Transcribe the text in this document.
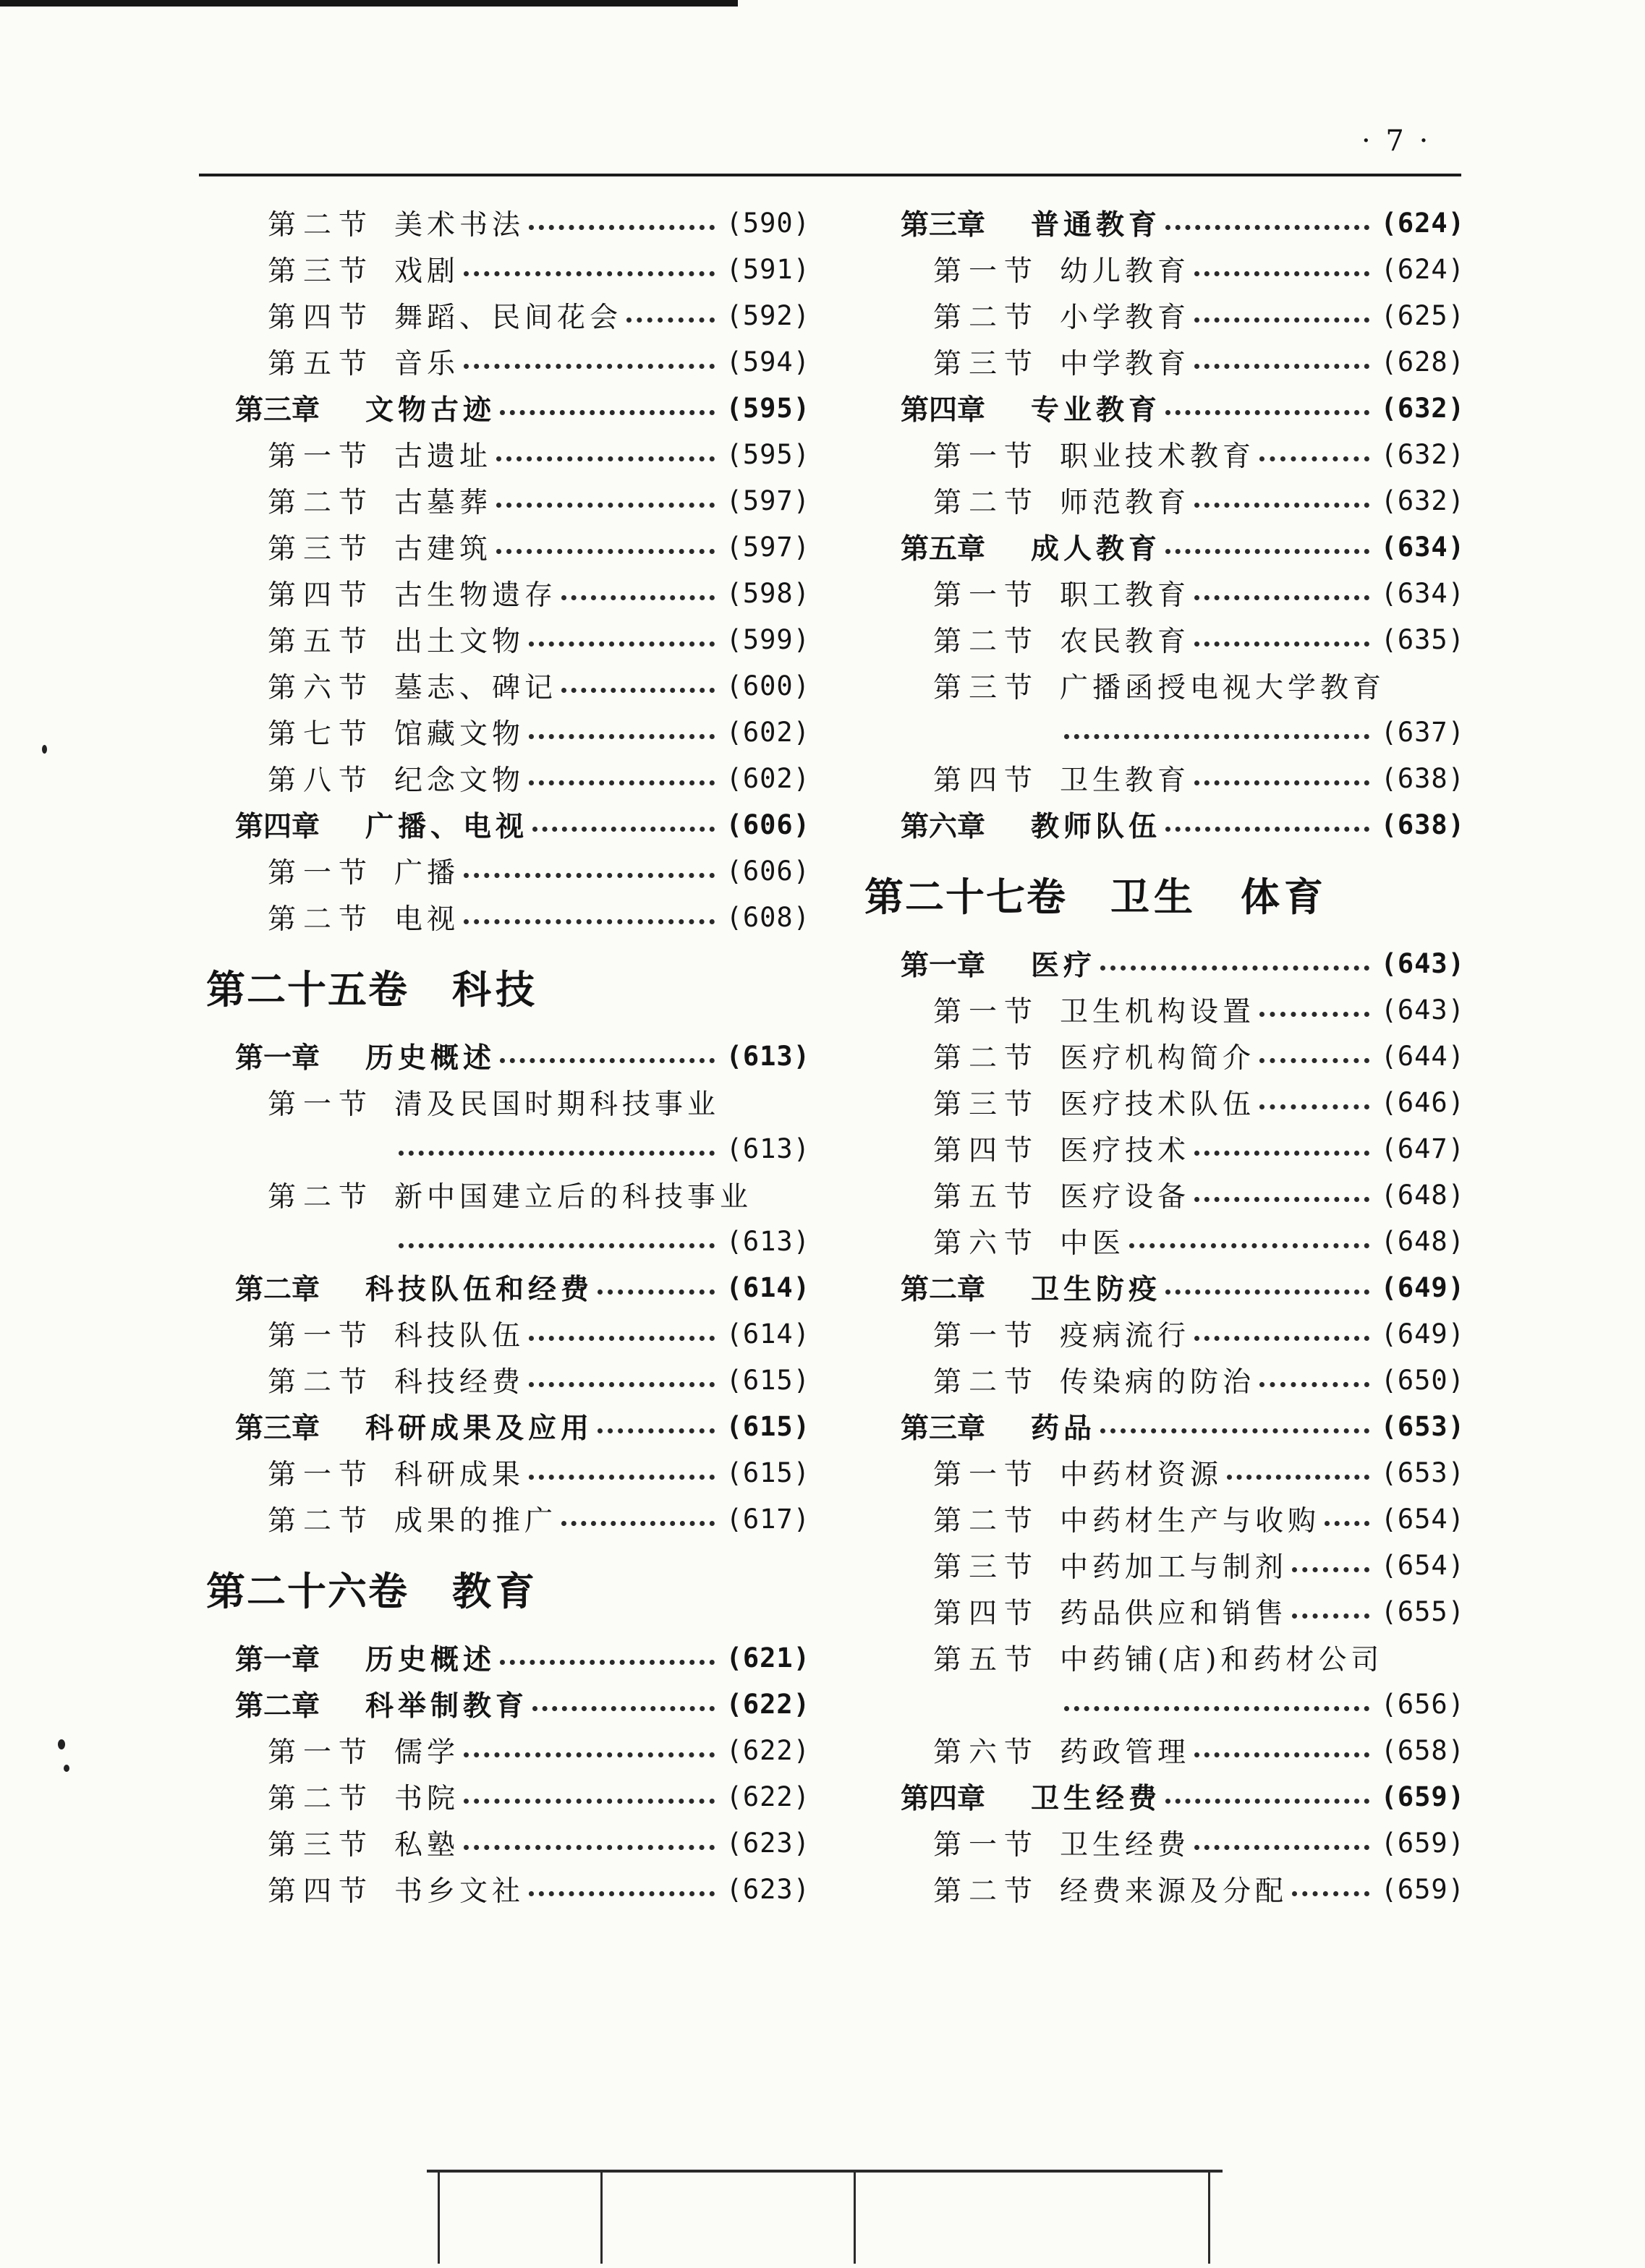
· 7 ·
第二节 美术书法	(590)
第三节 戏剧	(591)
第四节 舞蹈、民间花会	(592)
第五节 音乐	(594)
第三章	文物古迹	(595)
第一节 古遗址	(595)
第二节 古墓葬	(597)
第三节 古建筑	(597)
第四节 古生物遗存	(598)
第五节 出土文物	(599)
第六节 墓志、碑记	(600)
第七节 馆藏文物	(602)
第八节 纪念文物	(602)
第四章	广播、电视	(606)
第一节 广播	(606)
第二节 电视	(608)
第二十五卷 科技
第一章	历史概述	(613)
第一节 清及民国时期科技事业
(613)
第二节 新中国建立后的科技事业
(613)
第二章	科技队伍和经费	(614)
第一节 科技队伍	(614)
第二节 科技经费	(615)
第三章	科研成果及应用	(615)
第一节 科研成果	(615)
第二节 成果的推广	(617)
第二十六卷 教育
第一章	历史概述	(621)
第二章	科举制教育	(622)
第一节 儒学	(622)
第二节 书院	(622)
第三节 私塾	(623)
第四节 书乡文社	(623)
第三章	普通教育	(624)
第一节 幼儿教育	(624)
第二节 小学教育	(625)
第三节 中学教育	(628)
第四章	专业教育	(632)
第一节 职业技术教育	(632)
第二节 师范教育	(632)
第五章	成人教育	(634)
第一节 职工教育	(634)
第二节 农民教育	(635)
第三节 广播函授电视大学教育
(637)
第四节 卫生教育	(638)
第六章	教师队伍	(638)
第二十七卷 卫生　体育
第一章	医疗	(643)
第一节 卫生机构设置	(643)
第二节 医疗机构简介	(644)
第三节 医疗技术队伍	(646)
第四节 医疗技术	(647)
第五节 医疗设备	(648)
第六节 中医	(648)
第二章	卫生防疫	(649)
第一节 疫病流行	(649)
第二节 传染病的防治	(650)
第三章	药品	(653)
第一节 中药材资源	(653)
第二节 中药材生产与收购 (654)
第三节 中药加工与制剂	(654)
第四节 药品供应和销售	(655)
第五节 中药铺(店)和药材公司
(656)
第六节 药政管理	(658)
第四章	卫生经费	(659)
第一节 卫生经费	(659)
第二节 经费来源及分配	(659)
